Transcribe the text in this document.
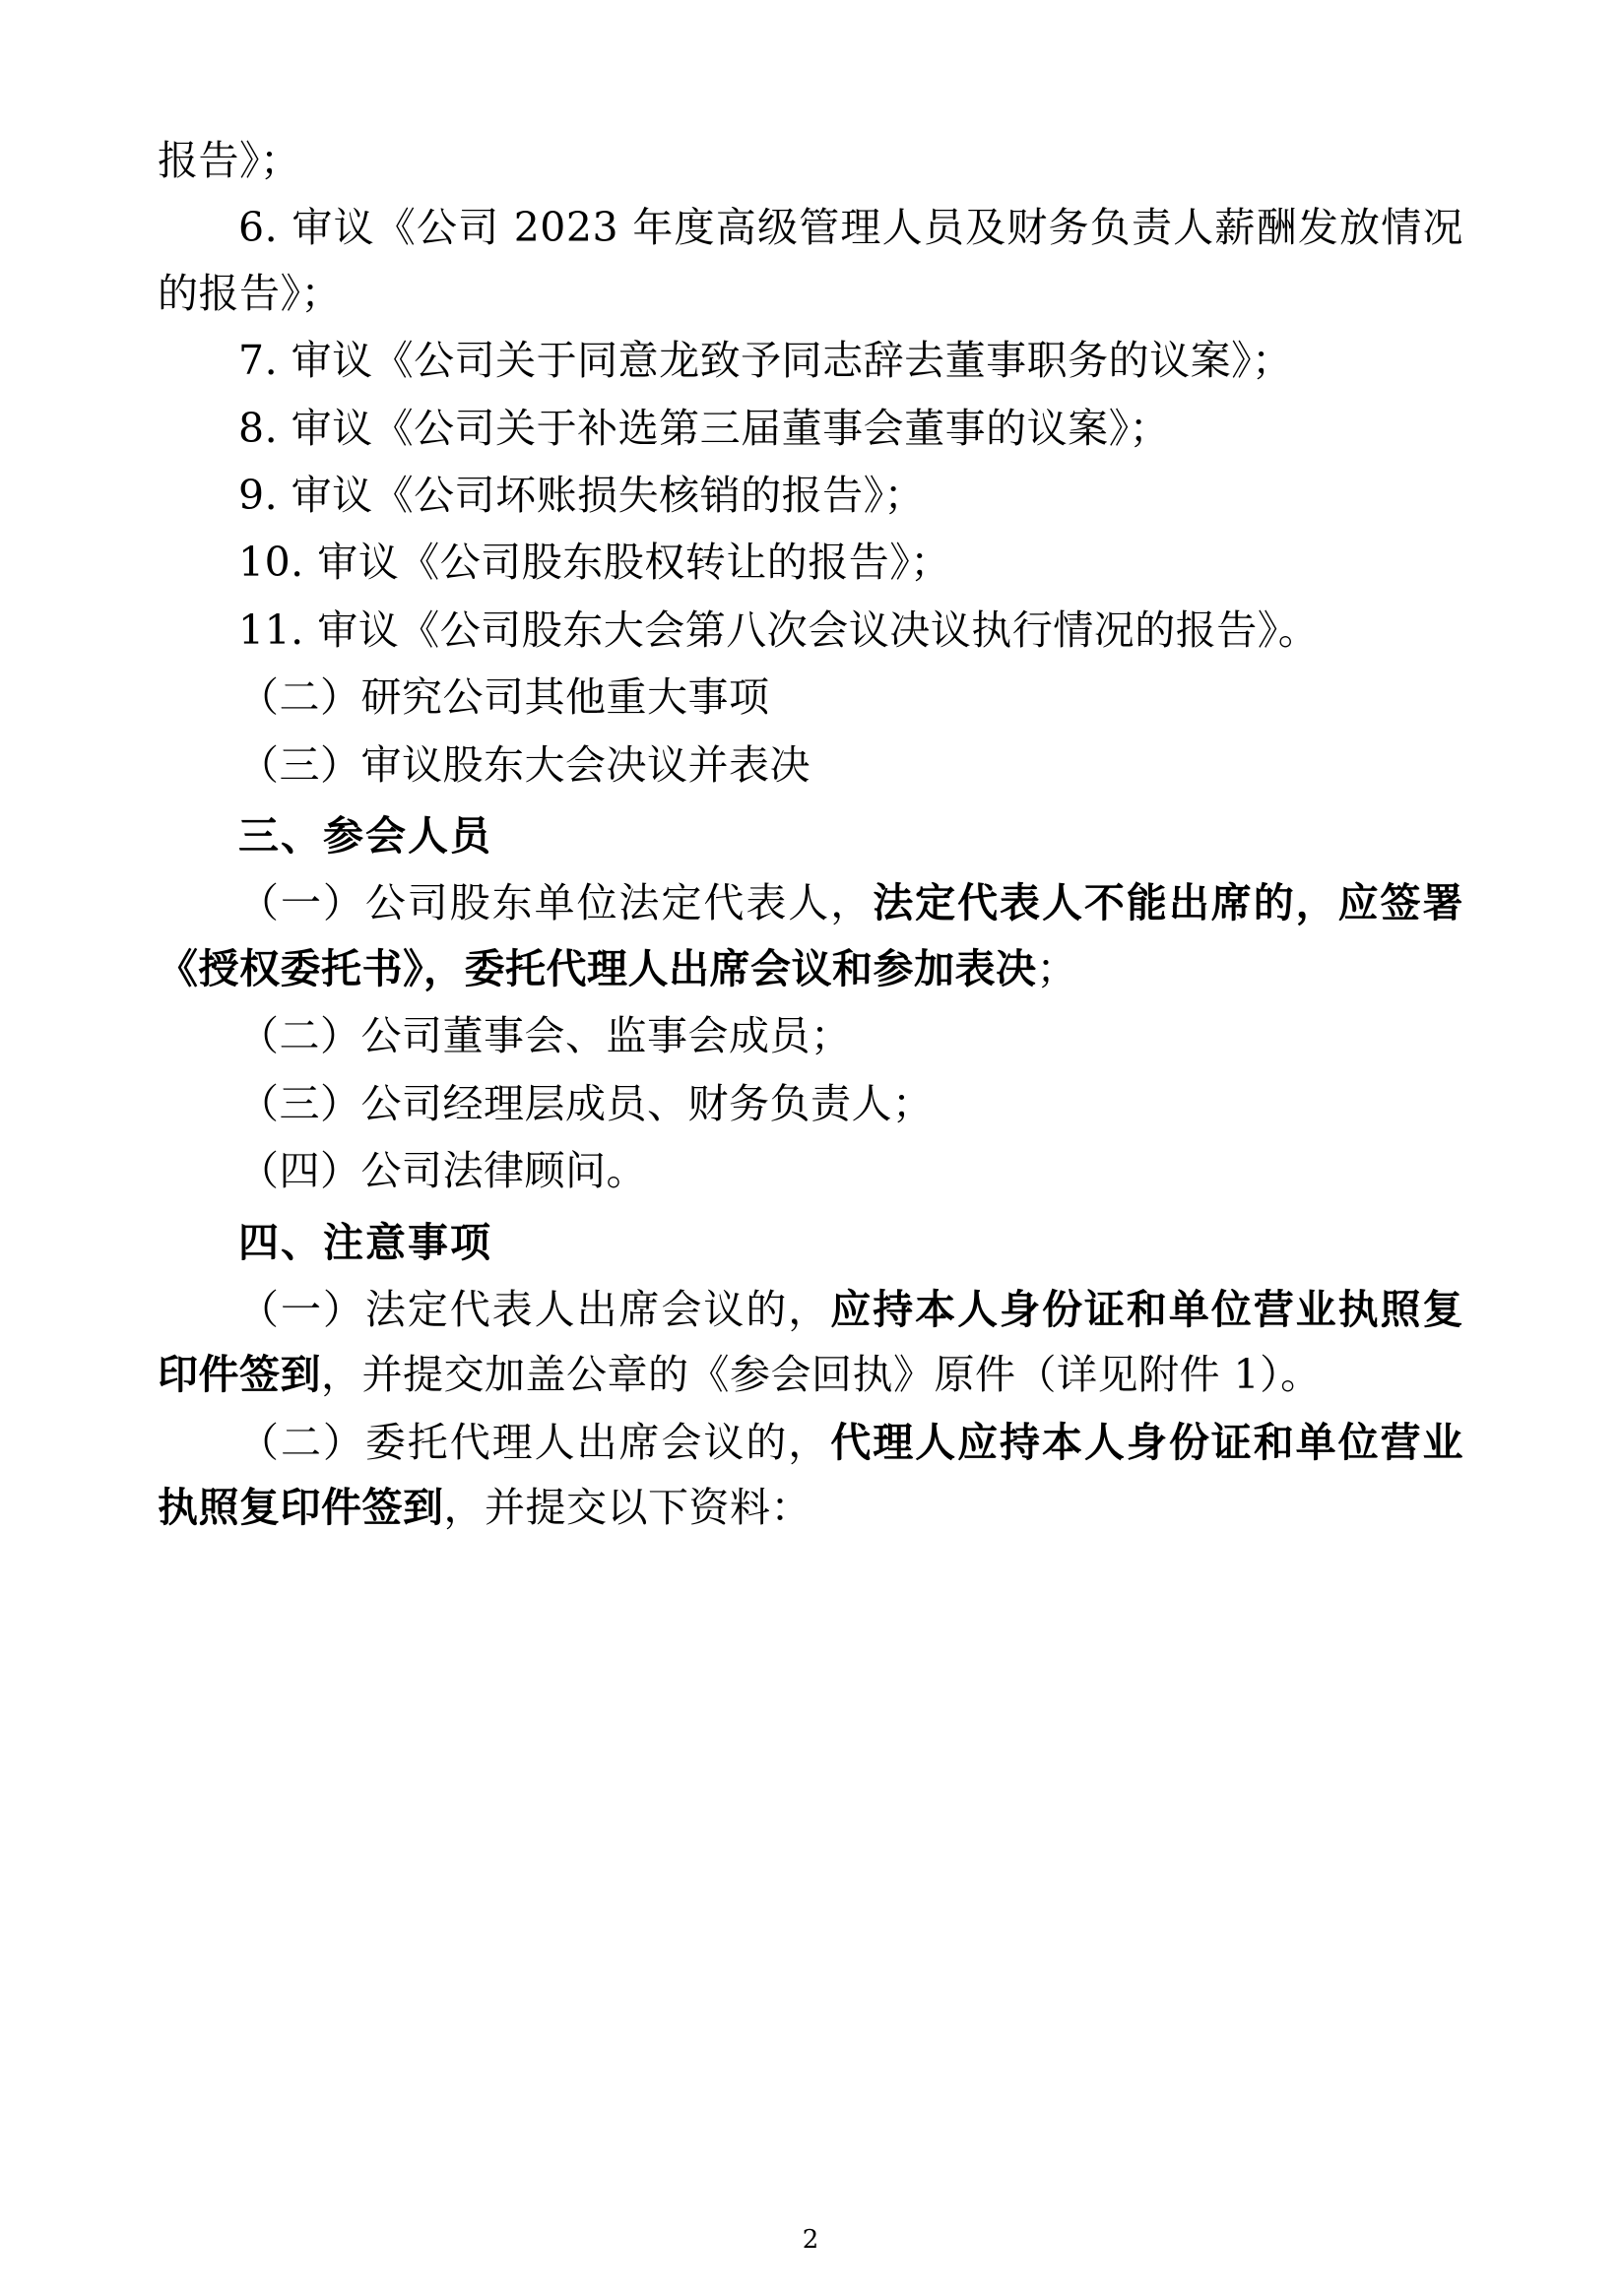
报告》；

6. 审议《公司 2023 年度高级管理人员及财务负责人薪酬发放情况的报告》；

7. 审议《公司关于同意龙致予同志辞去董事职务的议案》；

8. 审议《公司关于补选第三届董事会董事的议案》；

9. 审议《公司坏账损失核销的报告》；

10. 审议《公司股东股权转让的报告》；

11. 审议《公司股东大会第八次会议决议执行情况的报告》。

（二）研究公司其他重大事项

（三）审议股东大会决议并表决

三、参会人员

（一）公司股东单位法定代表人，法定代表人不能出席的，应签署《授权委托书》，委托代理人出席会议和参加表决；

（二）公司董事会、监事会成员；

（三）公司经理层成员、财务负责人；

（四）公司法律顾问。

四、注意事项

（一）法定代表人出席会议的，应持本人身份证和单位营业执照复印件签到，并提交加盖公章的《参会回执》原件（详见附件 1）。

（二）委托代理人出席会议的，代理人应持本人身份证和单位营业执照复印件签到，并提交以下资料：

2
